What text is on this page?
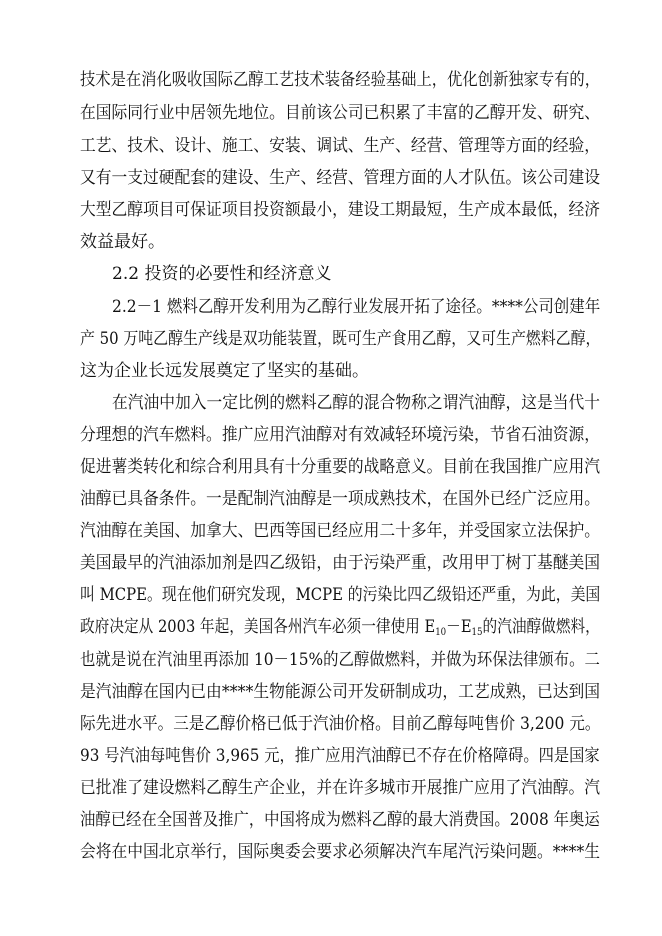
技术是在消化吸收国际乙醇工艺技术装备经验基础上，优化创新独家专有的，
在国际同行业中居领先地位。目前该公司已积累了丰富的乙醇开发、研究、
工艺、技术、设计、施工、安装、调试、生产、经营、管理等方面的经验，
又有一支过硬配套的建设、生产、经营、管理方面的人才队伍。该公司建设
大型乙醇项目可保证项目投资额最小，建设工期最短，生产成本最低，经济
效益最好。
2.2 投资的必要性和经济意义
2.2－1 燃料乙醇开发利用为乙醇行业发展开拓了途径。****公司创建年
产 50 万吨乙醇生产线是双功能装置，既可生产食用乙醇，又可生产燃料乙醇，
这为企业长远发展奠定了坚实的基础。
在汽油中加入一定比例的燃料乙醇的混合物称之谓汽油醇，这是当代十
分理想的汽车燃料。推广应用汽油醇对有效减轻环境污染，节省石油资源，
促进薯类转化和综合利用具有十分重要的战略意义。目前在我国推广应用汽
油醇已具备条件。一是配制汽油醇是一项成熟技术，在国外已经广泛应用。
汽油醇在美国、加拿大、巴西等国已经应用二十多年，并受国家立法保护。
美国最早的汽油添加剂是四乙级铅，由于污染严重，改用甲丁树丁基醚美国
叫 MCPE。现在他们研究发现，MCPE 的污染比四乙级铅还严重，为此，美国
政府决定从 2003 年起，美国各州汽车必须一律使用 $E_{10}-E_{15}$的汽油醇做燃料，
也就是说在汽油里再添加 10－15%的乙醇做燃料，并做为环保法律颁布。二
是汽油醇在国内已由****生物能源公司开发研制成功，工艺成熟，已达到国
际先进水平。三是乙醇价格已低于汽油价格。目前乙醇每吨售价 3,200 元。
93 号汽油每吨售价 3,965 元，推广应用汽油醇已不存在价格障碍。四是国家
已批准了建设燃料乙醇生产企业，并在许多城市开展推广应用了汽油醇。汽
油醇已经在全国普及推广，中国将成为燃料乙醇的最大消费国。2008 年奥运
会将在中国北京举行，国际奥委会要求必须解决汽车尾汽污染问题。****生
